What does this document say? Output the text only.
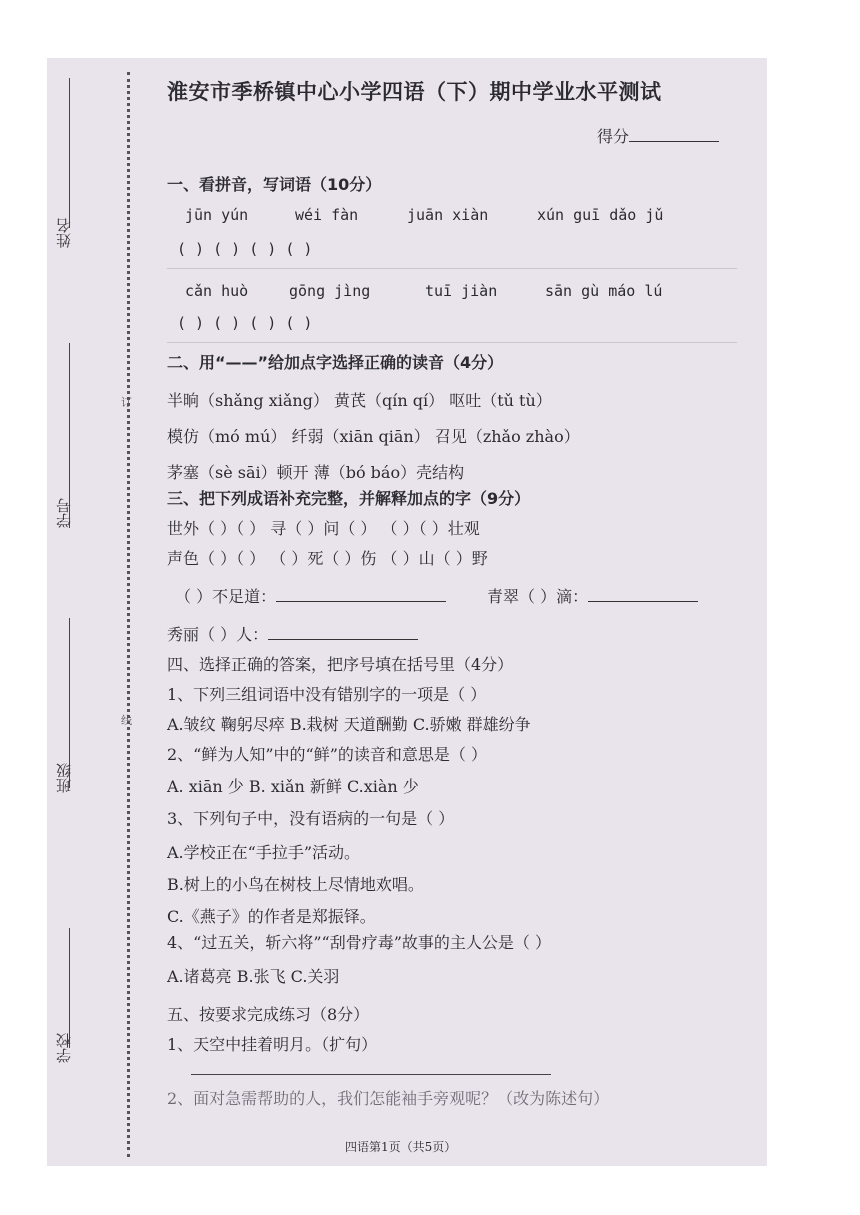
姓名
学号
班级
学校
订
线
淮安市季桥镇中心小学四语（下）期中学业水平测试
得分
一、看拼音，写词语（10分）
jūn yún	wéi fàn	juān xiàn	xún guī dǎo jǔ
( ) ( ) ( ) ( )
cǎn huò	gōng jìng	tuī jiàn	sān gù máo lú
( ) ( ) ( ) ( )
二、用“——”给加点字选择正确的读音（4分）
半晌（shǎng xiǎng） 黄芪（qín qí） 呕吐（tǔ tù）
模仿（mó mú） 纤弱（xiān qiān） 召见（zhǎo zhào）
茅塞（sè sāi）顿开 薄（bó báo）壳结构
三、把下列成语补充完整，并解释加点的字（9分）
世外（ ）（ ） 寻（ ）问（ ） （ ）（ ）壮观
声色（ ）（ ） （ ）死（ ）伤 （ ）山（ ）野
（ ）不足道：	青翠（ ）滴：
秀丽（ ）人：
四、选择正确的答案，把序号填在括号里（4分）
1、下列三组词语中没有错别字的一项是（ ）
A.皱纹 鞠躬尽瘁 B.栽树 天道酬勤 C.骄嫩 群雄纷争
2、“鲜为人知”中的“鲜”的读音和意思是（ ）
A. xiān 少 B. xiǎn 新鲜 C.xiàn 少
3、下列句子中，没有语病的一句是（ ）
A.学校正在“手拉手”活动。
B.树上的小鸟在树枝上尽情地欢唱。
C.《燕子》的作者是郑振铎。
4、“过五关，斩六将”“刮骨疗毒”故事的主人公是（ ）
A.诸葛亮 B.张飞 C.关羽
五、按要求完成练习（8分）
1、天空中挂着明月。（扩句）
2、面对急需帮助的人，我们怎能袖手旁观呢？（改为陈述句）
四语第1页（共5页）
